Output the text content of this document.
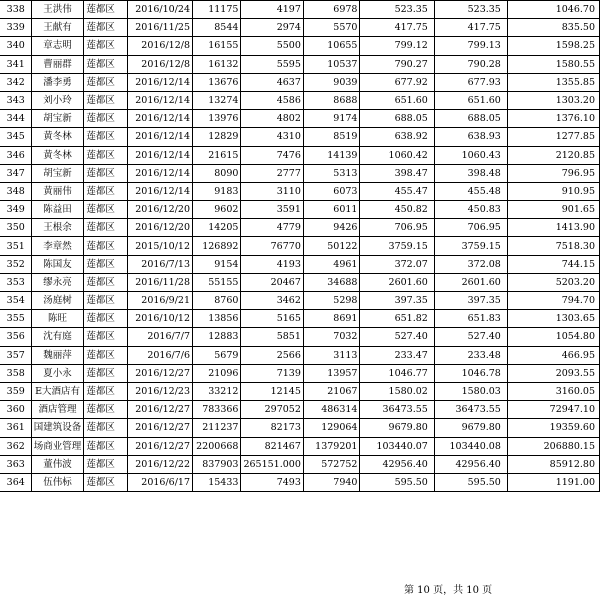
338	王洪伟	莲都区	2016/10/24	11175	4197	6978	523.35	523.35	1046.70
339	王献有	莲都区	2016/11/25	8544	2974	5570	417.75	417.75	835.50
340	章志明	莲都区	2016/12/8	16155	5500	10655	799.12	799.13	1598.25
341	曹丽群	莲都区	2016/12/8	16132	5595	10537	790.27	790.28	1580.55
342	潘李勇	莲都区	2016/12/14	13676	4637	9039	677.92	677.93	1355.85
343	刘小玲	莲都区	2016/12/14	13274	4586	8688	651.60	651.60	1303.20
344	胡宝新	莲都区	2016/12/14	13976	4802	9174	688.05	688.05	1376.10
345	黄冬林	莲都区	2016/12/14	12829	4310	8519	638.92	638.93	1277.85
346	黄冬林	莲都区	2016/12/14	21615	7476	14139	1060.42	1060.43	2120.85
347	胡宝新	莲都区	2016/12/14	8090	2777	5313	398.47	398.48	796.95
348	黄丽伟	莲都区	2016/12/14	9183	3110	6073	455.47	455.48	910.95
349	陈益田	莲都区	2016/12/20	9602	3591	6011	450.82	450.83	901.65
350	王根余	莲都区	2016/12/20	14205	4779	9426	706.95	706.95	1413.90
351	李章然	莲都区	2015/10/12	126892	76770	50122	3759.15	3759.15	7518.30
352	陈国友	莲都区	2016/7/13	9154	4193	4961	372.07	372.08	744.15
353	缪永亮	莲都区	2016/11/28	55155	20467	34688	2601.60	2601.60	5203.20
354	汤庭树	莲都区	2016/9/21	8760	3462	5298	397.35	397.35	794.70
355	陈旺	莲都区	2016/10/12	13856	5165	8691	651.82	651.83	1303.65
356	沈有庭	莲都区	2016/7/7	12883	5851	7032	527.40	527.40	1054.80
357	魏丽萍	莲都区	2016/7/6	5679	2566	3113	233.47	233.48	466.95
358	夏小永	莲都区	2016/12/27	21096	7139	13957	1046.77	1046.78	2093.55
359	E大酒店有	莲都区	2016/12/23	33212	12145	21067	1580.02	1580.03	3160.05
360	酒店管理	莲都区	2016/12/27	783366	297052	486314	36473.55	36473.55	72947.10
361	国建筑设备	莲都区	2016/12/27	211237	82173	129064	9679.80	9679.80	19359.60
362	场商业管理	莲都区	2016/12/27	2200668	821467	1379201	103440.07	103440.08	206880.15
363	董伟波	莲都区	2016/12/22	837903	265151.000	572752	42956.40	42956.40	85912.80
364	伍伟标	莲都区	2016/6/17	15433	7493	7940	595.50	595.50	1191.00
第 10 页，共 10 页
